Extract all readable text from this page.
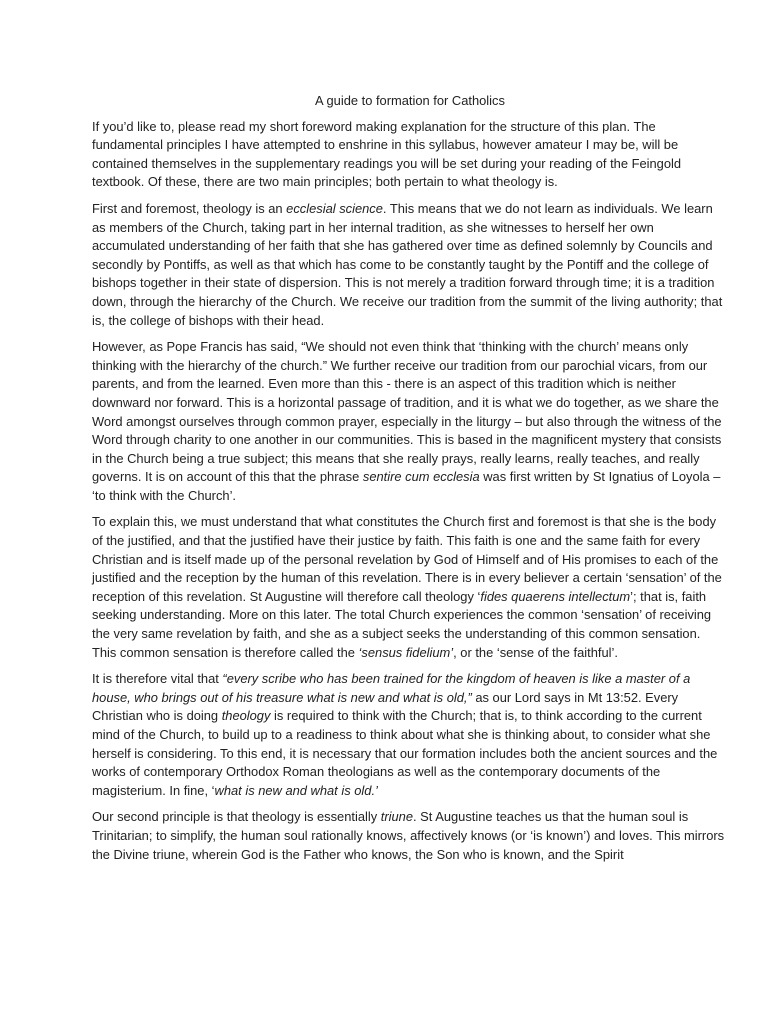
A guide to formation for Catholics

If you’d like to, please read my short foreword making explanation for the structure of this plan. The fundamental principles I have attempted to enshrine in this syllabus, however amateur I may be, will be contained themselves in the supplementary readings you will be set during your reading of the Feingold textbook. Of these, there are two main principles; both pertain to what theology is.

First and foremost, theology is an ecclesial science. This means that we do not learn as individuals. We learn as members of the Church, taking part in her internal tradition, as she witnesses to herself her own accumulated understanding of her faith that she has gathered over time as defined solemnly by Councils and secondly by Pontiffs, as well as that which has come to be constantly taught by the Pontiff and the college of bishops together in their state of dispersion. This is not merely a tradition forward through time; it is a tradition down, through the hierarchy of the Church. We receive our tradition from the summit of the living authority; that is, the college of bishops with their head.

However, as Pope Francis has said, “We should not even think that ‘thinking with the church’ means only thinking with the hierarchy of the church.” We further receive our tradition from our parochial vicars, from our parents, and from the learned. Even more than this - there is an aspect of this tradition which is neither downward nor forward. This is a horizontal passage of tradition, and it is what we do together, as we share the Word amongst ourselves through common prayer, especially in the liturgy – but also through the witness of the Word through charity to one another in our communities. This is based in the magnificent mystery that consists in the Church being a true subject; this means that she really prays, really learns, really teaches, and really governs. It is on account of this that the phrase sentire cum ecclesia was first written by St Ignatius of Loyola – ‘to think with the Church’.

To explain this, we must understand that what constitutes the Church first and foremost is that she is the body of the justified, and that the justified have their justice by faith. This faith is one and the same faith for every Christian and is itself made up of the personal revelation by God of Himself and of His promises to each of the justified and the reception by the human of this revelation. There is in every believer a certain ‘sensation’ of the reception of this revelation. St Augustine will therefore call theology ‘fides quaerens intellectum’; that is, faith seeking understanding. More on this later. The total Church experiences the common ‘sensation’ of receiving the very same revelation by faith, and she as a subject seeks the understanding of this common sensation. This common sensation is therefore called the ‘sensus fidelium’, or the ‘sense of the faithful’.

It is therefore vital that “every scribe who has been trained for the kingdom of heaven is like a master of a house, who brings out of his treasure what is new and what is old,” as our Lord says in Mt 13:52. Every Christian who is doing theology is required to think with the Church; that is, to think according to the current mind of the Church, to build up to a readiness to think about what she is thinking about, to consider what she herself is considering. To this end, it is necessary that our formation includes both the ancient sources and the works of contemporary Orthodox Roman theologians as well as the contemporary documents of the magisterium. In fine, ‘what is new and what is old.’

Our second principle is that theology is essentially triune. St Augustine teaches us that the human soul is Trinitarian; to simplify, the human soul rationally knows, affectively knows (or ‘is known’) and loves. This mirrors the Divine triune, wherein God is the Father who knows, the Son who is known, and the Spirit
